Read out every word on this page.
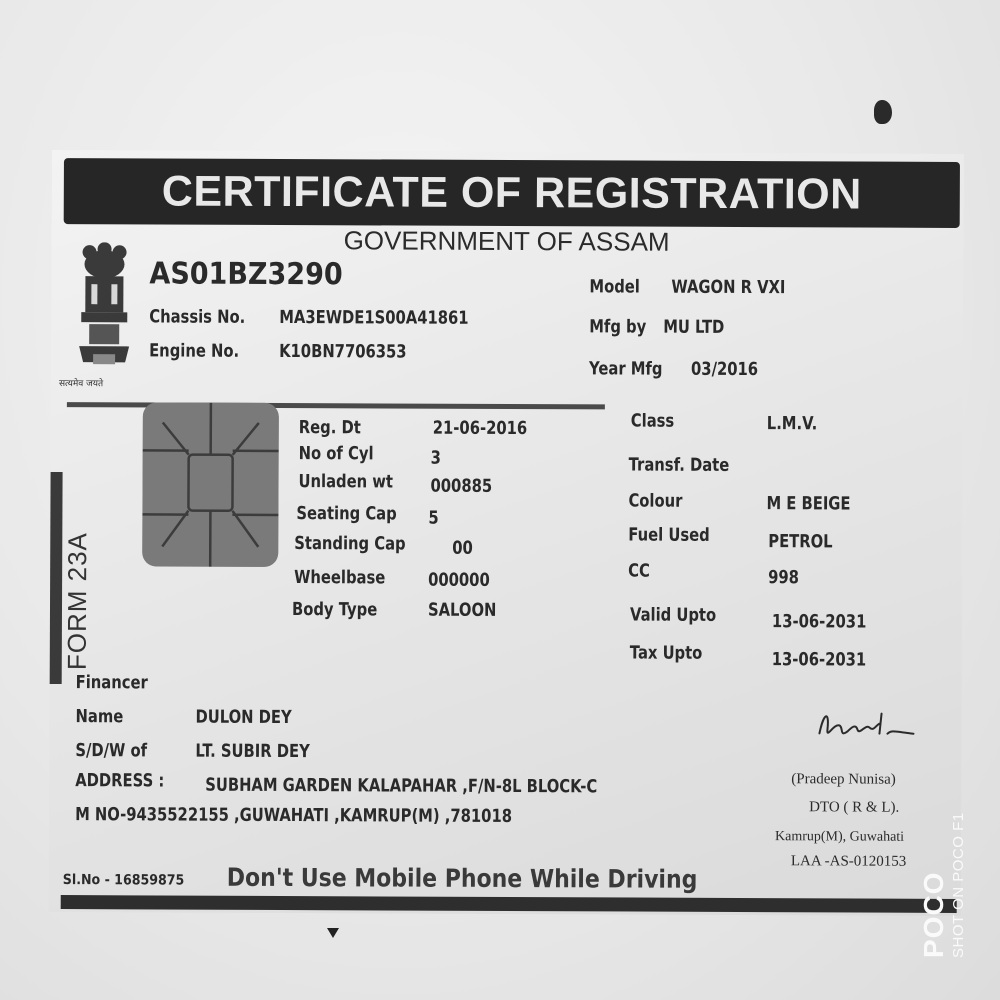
CERTIFICATE OF REGISTRATION
GOVERNMENT OF ASSAM
सत्यमेव जयते
AS01BZ3290
Chassis No. MA3EWDE1S00A41861
Engine No. K10BN7706353
Model WAGON R VXI
Mfg by MU LTD
Year Mfg 03/2016
Reg. Dt	21-06-2016
No of Cyl	3
Unladen wt 000885
Seating Cap 5
Standing Cap	00
Wheelbase 000000
Body Type	SALOON
Class	L.M.V.
Transf. Date
Colour	M E BEIGE
Fuel Used	PETROL
CC	998
Valid Upto	13-06-2031
Tax Upto	13-06-2031
FORM 23A
Financer
Name	DULON DEY
S/D/W of	LT. SUBIR DEY
ADDRESS : SUBHAM GARDEN KALAPAHAR ,F/N-8L BLOCK-C
M NO-9435522155 ,GUWAHATI ,KAMRUP(M) ,781018
(Pradeep Nunisa)
DTO ( R & L).
Kamrup(M), Guwahati
LAA -AS-0120153
Sl.No - 16859875 Don't Use Mobile Phone While Driving	POCO SHOT ON POCO F1
